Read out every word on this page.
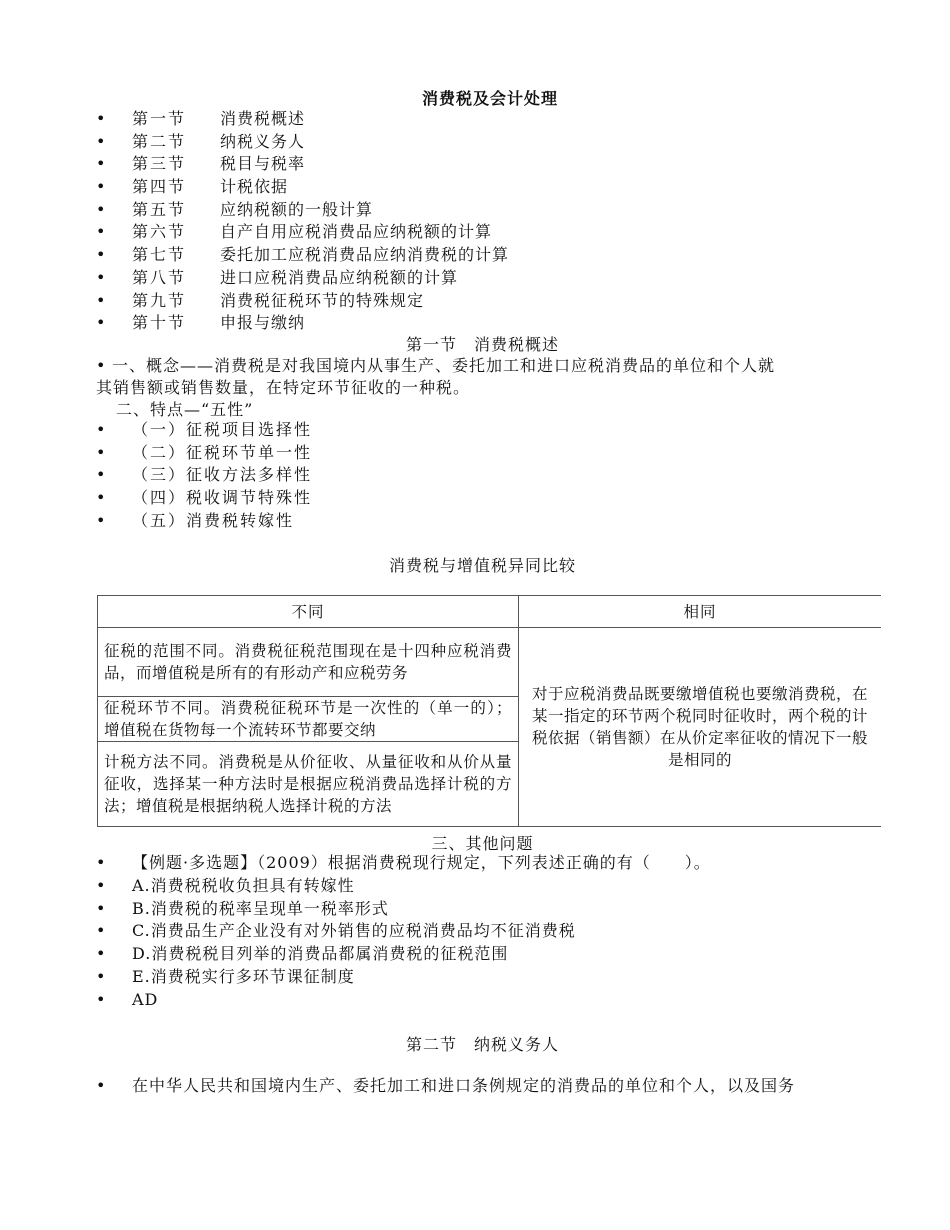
消费税及会计处理
• 第一节 消费税概述
• 第二节 纳税义务人
• 第三节 税目与税率
• 第四节 计税依据
• 第五节 应纳税额的一般计算
• 第六节 自产自用应税消费品应纳税额的计算
• 第七节 委托加工应税消费品应纳消费税的计算
• 第八节 进口应税消费品应纳税额的计算
• 第九节 消费税征税环节的特殊规定
• 第十节 申报与缴纳
第一节　消费税概述
• 一、概念——消费税是对我国境内从事生产、委托加工和进口应税消费品的单位和个人就
其销售额或销售数量，在特定环节征收的一种税。
二、特点—“五性”
• （一）征税项目选择性
• （二）征税环节单一性
• （三）征收方法多样性
• （四）税收调节特殊性
• （五）消费税转嫁性
消费税与增值税异同比较
不同	相同
征税的范围不同。消费税征税范围现在是十四种应税消费品，而增值税是所有的有形动产和应税劳务	对于应税消费品既要缴增值税也要缴消费税，在某一指定的环节两个税同时征收时，两个税的计税依据（销售额）在从价定率征收的情况下一般是相同的
征税环节不同。消费税征税环节是一次性的（单一的）；增值税在货物每一个流转环节都要交纳	
计税方法不同。消费税是从价征收、从量征收和从价从量征收，选择某一种方法时是根据应税消费品选择计税的方法；增值税是根据纳税人选择计税的方法	
三、其他问题
• 【例题·多选题】（2009）根据消费税现行规定，下列表述正确的有（　　）。
• A.消费税税收负担具有转嫁性
• B.消费税的税率呈现单一税率形式
• C.消费品生产企业没有对外销售的应税消费品均不征消费税
• D.消费税税目列举的消费品都属消费税的征税范围
• E.消费税实行多环节课征制度
• AD
第二节　纳税义务人
• 在中华人民共和国境内生产、委托加工和进口条例规定的消费品的单位和个人，以及国务
